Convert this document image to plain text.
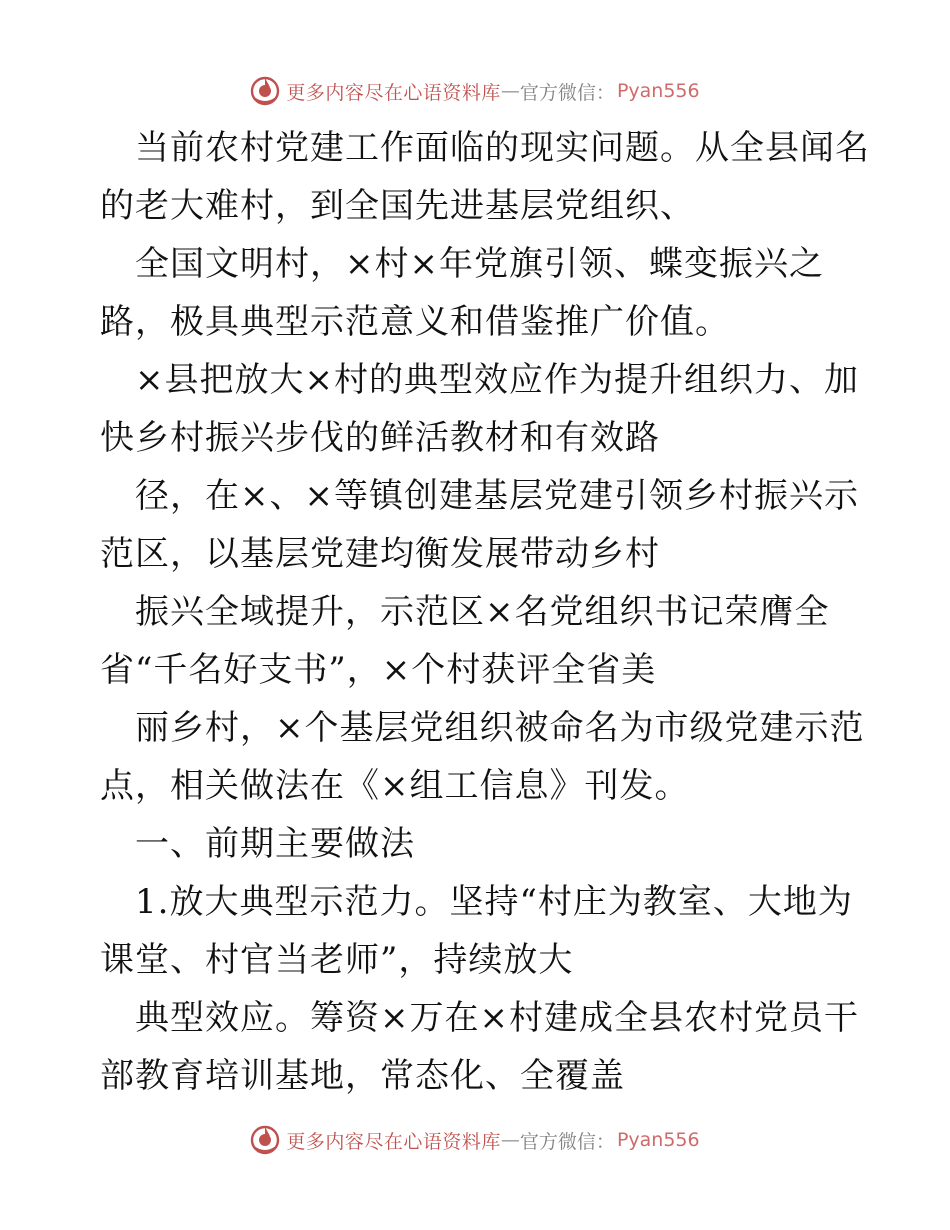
更多内容尽在心语资料库 — 官方微信： Pyan556
当前农村党建工作面临的现实问题。从全县闻名
的老大难村，到全国先进基层党组织、
全国文明村，×村×年党旗引领、蝶变振兴之
路，极具典型示范意义和借鉴推广价值。
×县把放大×村的典型效应作为提升组织力、加
快乡村振兴步伐的鲜活教材和有效路
径，在×、×等镇创建基层党建引领乡村振兴示
范区，以基层党建均衡发展带动乡村
振兴全域提升，示范区×名党组织书记荣膺全
省“千名好支书”，×个村获评全省美
丽乡村，×个基层党组织被命名为市级党建示范
点，相关做法在《×组工信息》刊发。
一、前期主要做法
1.放大典型示范力。坚持“村庄为教室、大地为
课堂、村官当老师”，持续放大
典型效应。筹资×万在×村建成全县农村党员干
部教育培训基地，常态化、全覆盖
更多内容尽在心语资料库 — 官方微信： Pyan556
